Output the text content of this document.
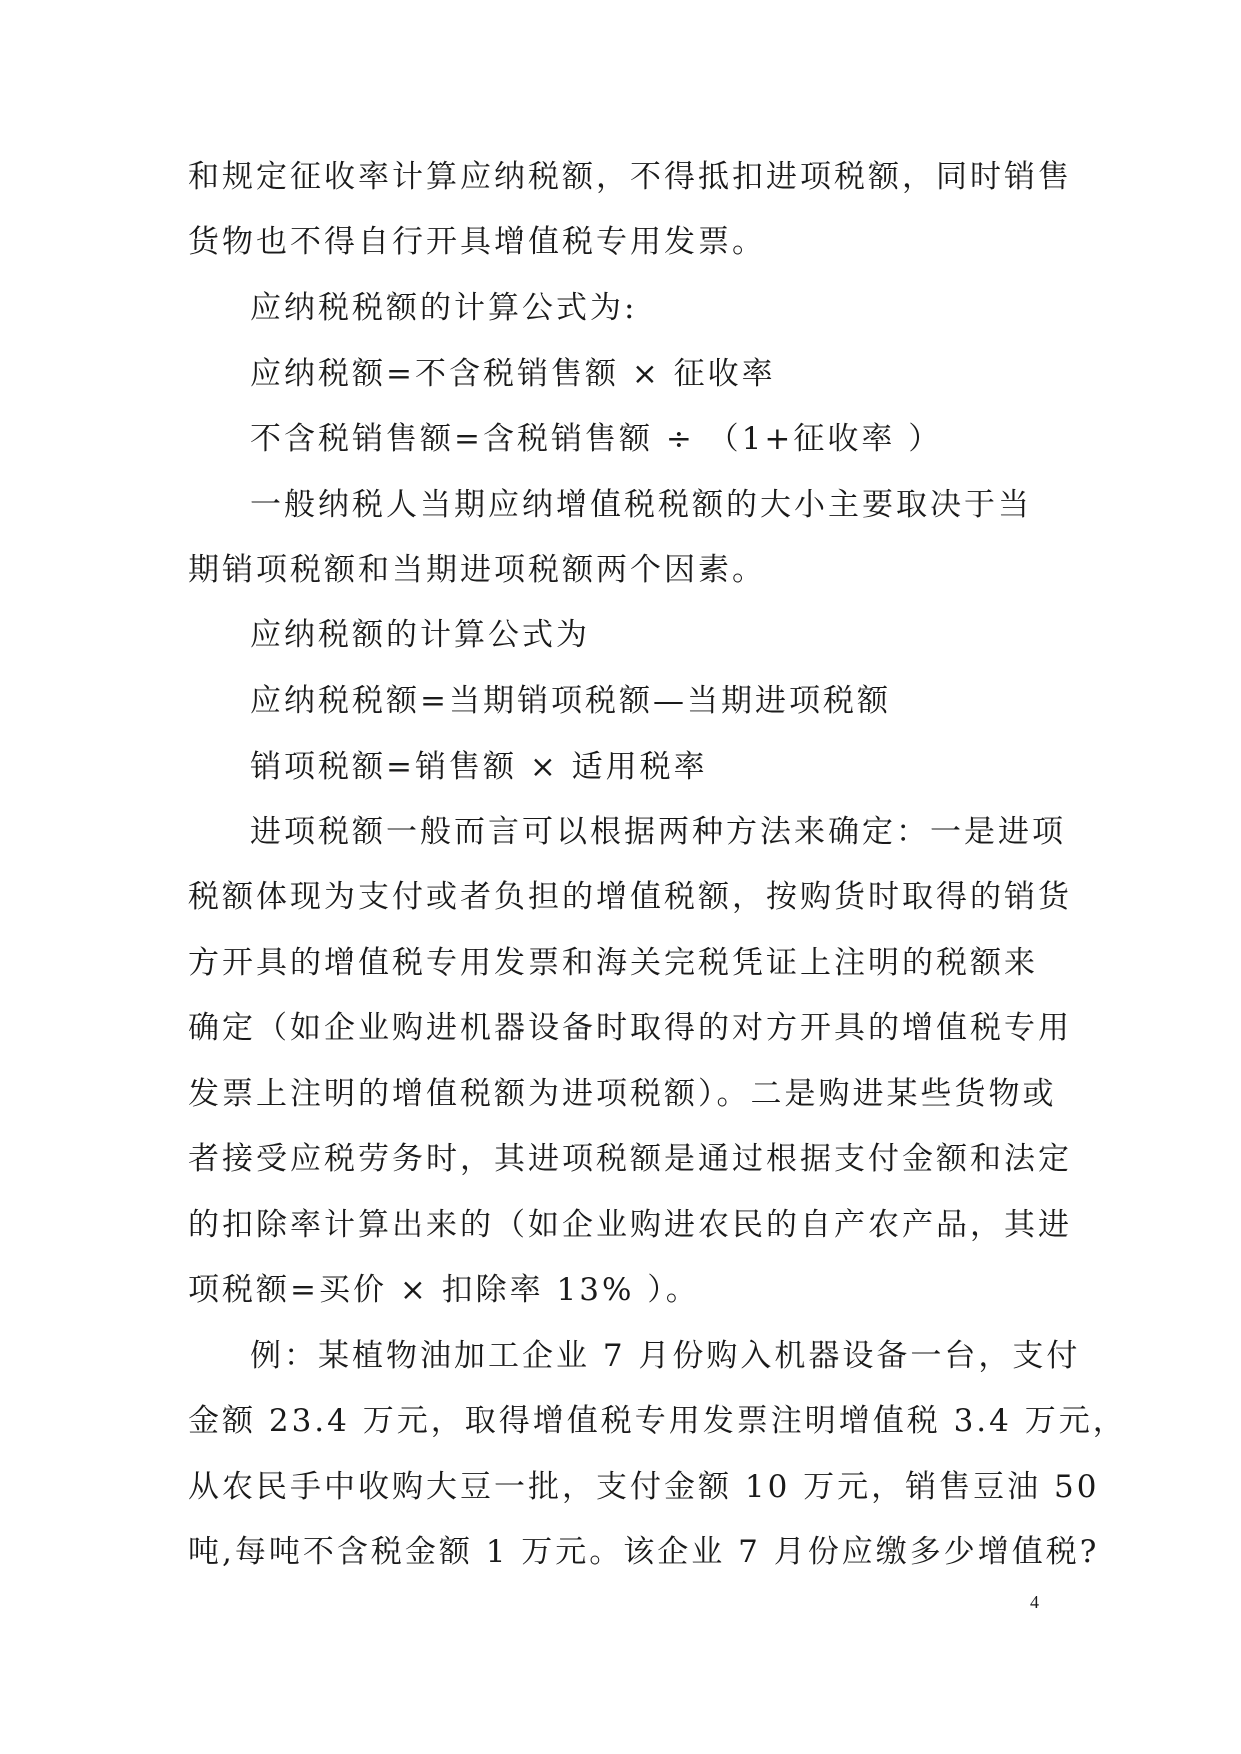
和规定征收率计算应纳税额，不得抵扣进项税额，同时销售
货物也不得自行开具增值税专用发票。
应纳税税额的计算公式为:
应纳税额=不含税销售额 × 征收率
不含税销售额=含税销售额 ÷ （1+征收率 ）
一般纳税人当期应纳增值税税额的大小主要取决于当
期销项税额和当期进项税额两个因素。
应纳税额的计算公式为
应纳税税额=当期销项税额—当期进项税额
销项税额=销售额 × 适用税率
进项税额一般而言可以根据两种方法来确定：一是进项
税额体现为支付或者负担的增值税额，按购货时取得的销货
方开具的增值税专用发票和海关完税凭证上注明的税额来
确定（如企业购进机器设备时取得的对方开具的增值税专用
发票上注明的增值税额为进项税额）。二是购进某些货物或
者接受应税劳务时，其进项税额是通过根据支付金额和法定
的扣除率计算出来的（如企业购进农民的自产农产品，其进
项税额=买价 × 扣除率 13% ）。
例：某植物油加工企业 7 月份购入机器设备一台，支付
金额 23.4 万元，取得增值税专用发票注明增值税 3.4 万元，
从农民手中收购大豆一批，支付金额 10 万元，销售豆油 50
吨,每吨不含税金额 1 万元。该企业 7 月份应缴多少增值税?
4
